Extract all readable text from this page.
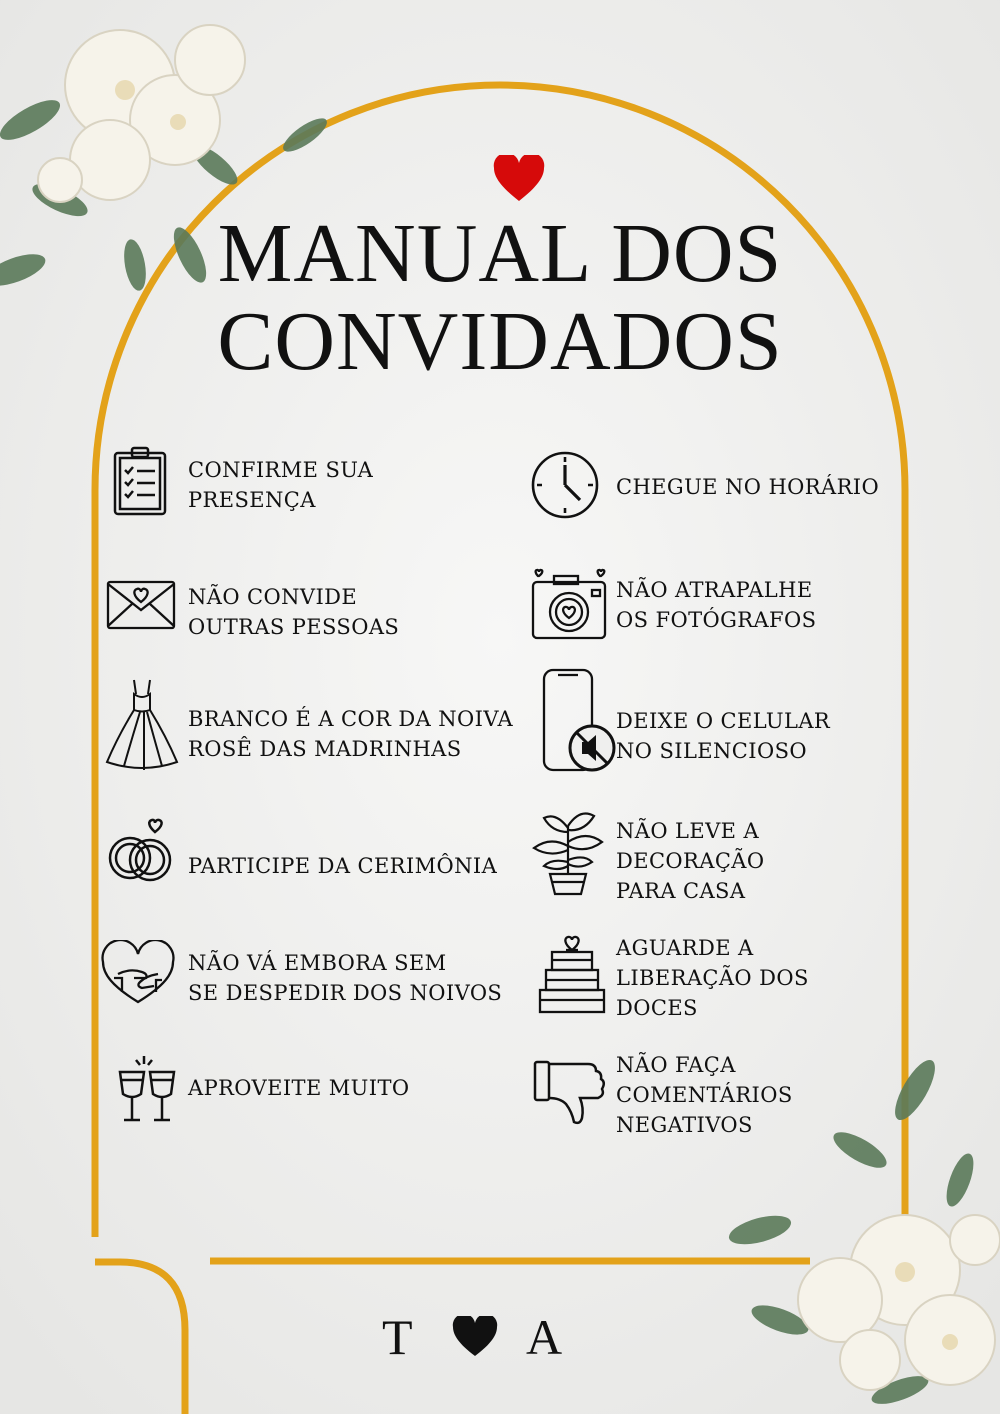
MANUAL DOS
CONVIDADOS
CONFIRME SUA
PRESENÇA
NÃO CONVIDE
OUTRAS PESSOAS
BRANCO É A COR DA NOIVA
ROSÊ DAS MADRINHAS
PARTICIPE DA CERIMÔNIA
NÃO VÁ EMBORA SEM
SE DESPEDIR DOS NOIVOS
APROVEITE MUITO
CHEGUE NO HORÁRIO
NÃO ATRAPALHE
OS FOTÓGRAFOS
DEIXE O CELULAR
NO SILENCIOSO
NÃO LEVE A
DECORAÇÃO
PARA CASA
AGUARDE A
LIBERAÇÃO DOS
DOCES
NÃO FAÇA
COMENTÁRIOS
NEGATIVOS
T A
